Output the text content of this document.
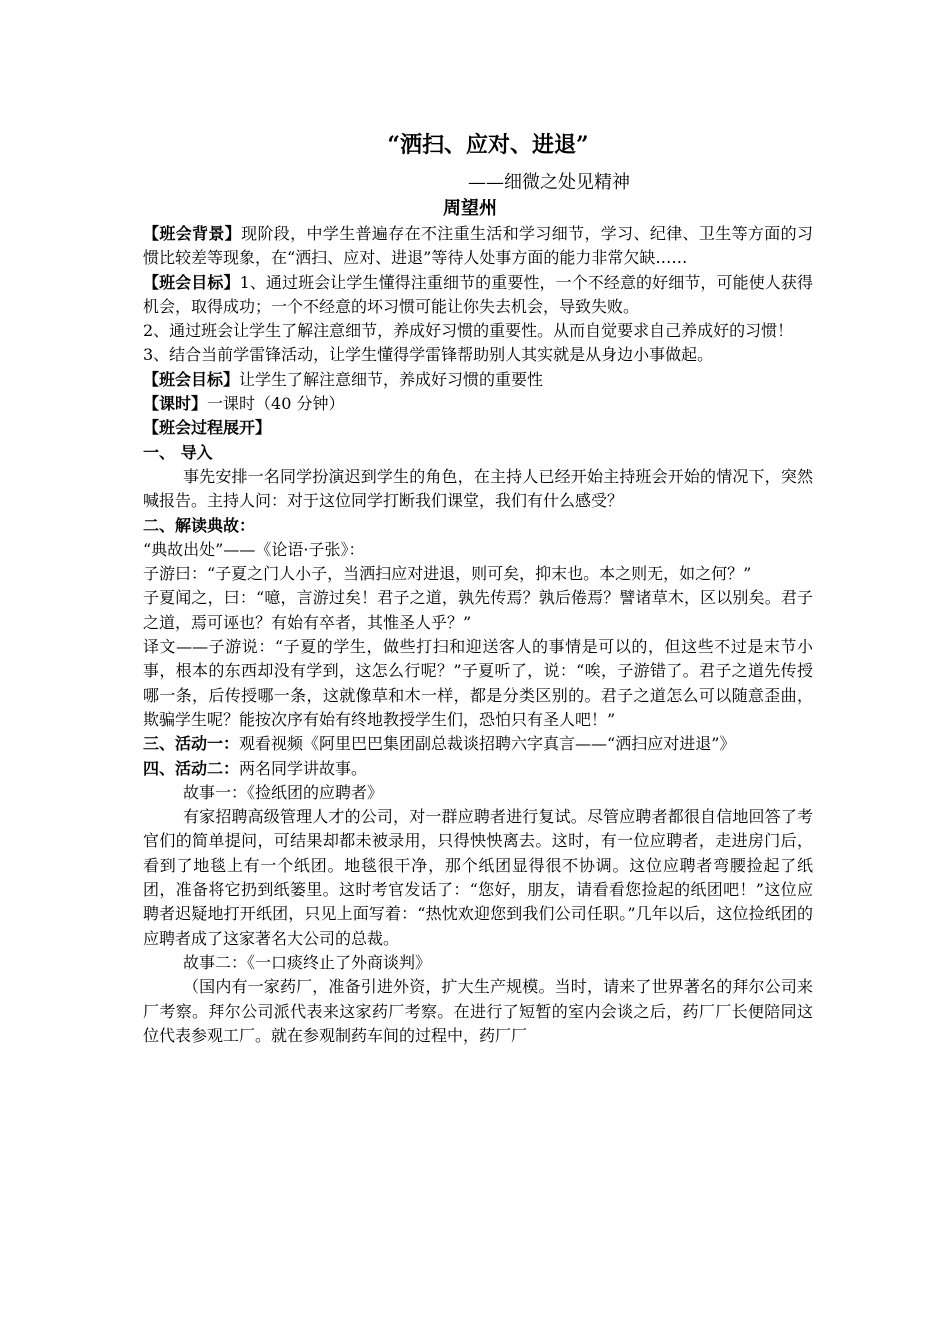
“洒扫、应对、进退”
——细微之处见精神
周望州

【班会背景】现阶段，中学生普遍存在不注重生活和学习细节，学习、纪律、卫生等方面的习惯比较差等现象，在“洒扫、应对、进退”等待人处事方面的能力非常欠缺……

【班会目标】1、通过班会让学生懂得注重细节的重要性，一个不经意的好细节，可能使人获得机会，取得成功；一个不经意的坏习惯可能让你失去机会，导致失败。

2、通过班会让学生了解注意细节，养成好习惯的重要性。从而自觉要求自己养成好的习惯！

3、结合当前学雷锋活动，让学生懂得学雷锋帮助别人其实就是从身边小事做起。

【班会目标】让学生了解注意细节，养成好习惯的重要性

【课时】一课时（40 分钟）

【班会过程展开】

一、 导入

事先安排一名同学扮演迟到学生的角色，在主持人已经开始主持班会开始的情况下，突然喊报告。主持人问：对于这位同学打断我们课堂，我们有什么感受？

二、解读典故：

“典故出处”——《论语·子张》：

子游曰：“子夏之门人小子，当洒扫应对进退，则可矣，抑末也。本之则无，如之何？”

子夏闻之，曰：“噫，言游过矣！君子之道，孰先传焉？孰后倦焉？譬诸草木，区以别矣。君子之道，焉可诬也？有始有卒者，其惟圣人乎？”

译文——子游说：“子夏的学生，做些打扫和迎送客人的事情是可以的，但这些不过是末节小事，根本的东西却没有学到，这怎么行呢？”子夏听了，说：“唉，子游错了。君子之道先传授哪一条，后传授哪一条，这就像草和木一样，都是分类区别的。君子之道怎么可以随意歪曲，欺骗学生呢？能按次序有始有终地教授学生们，恐怕只有圣人吧！”

三、活动一：观看视频《阿里巴巴集团副总裁谈招聘六字真言——“洒扫应对进退”》

四、活动二：两名同学讲故事。

故事一：《捡纸团的应聘者》

有家招聘高级管理人才的公司，对一群应聘者进行复试。尽管应聘者都很自信地回答了考官们的简单提问，可结果却都未被录用，只得怏怏离去。这时，有一位应聘者，走进房门后，看到了地毯上有一个纸团。地毯很干净，那个纸团显得很不协调。这位应聘者弯腰捡起了纸团，准备将它扔到纸篓里。这时考官发话了：“您好，朋友，请看看您捡起的纸团吧！”这位应聘者迟疑地打开纸团，只见上面写着：“热忱欢迎您到我们公司任职。”几年以后，这位捡纸团的应聘者成了这家著名大公司的总裁。

故事二：《一口痰终止了外商谈判》

（国内有一家药厂，准备引进外资，扩大生产规模。当时，请来了世界著名的拜尔公司来厂考察。拜尔公司派代表来这家药厂考察。在进行了短暂的室内会谈之后，药厂厂长便陪同这位代表参观工厂。就在参观制药车间的过程中，药厂厂
